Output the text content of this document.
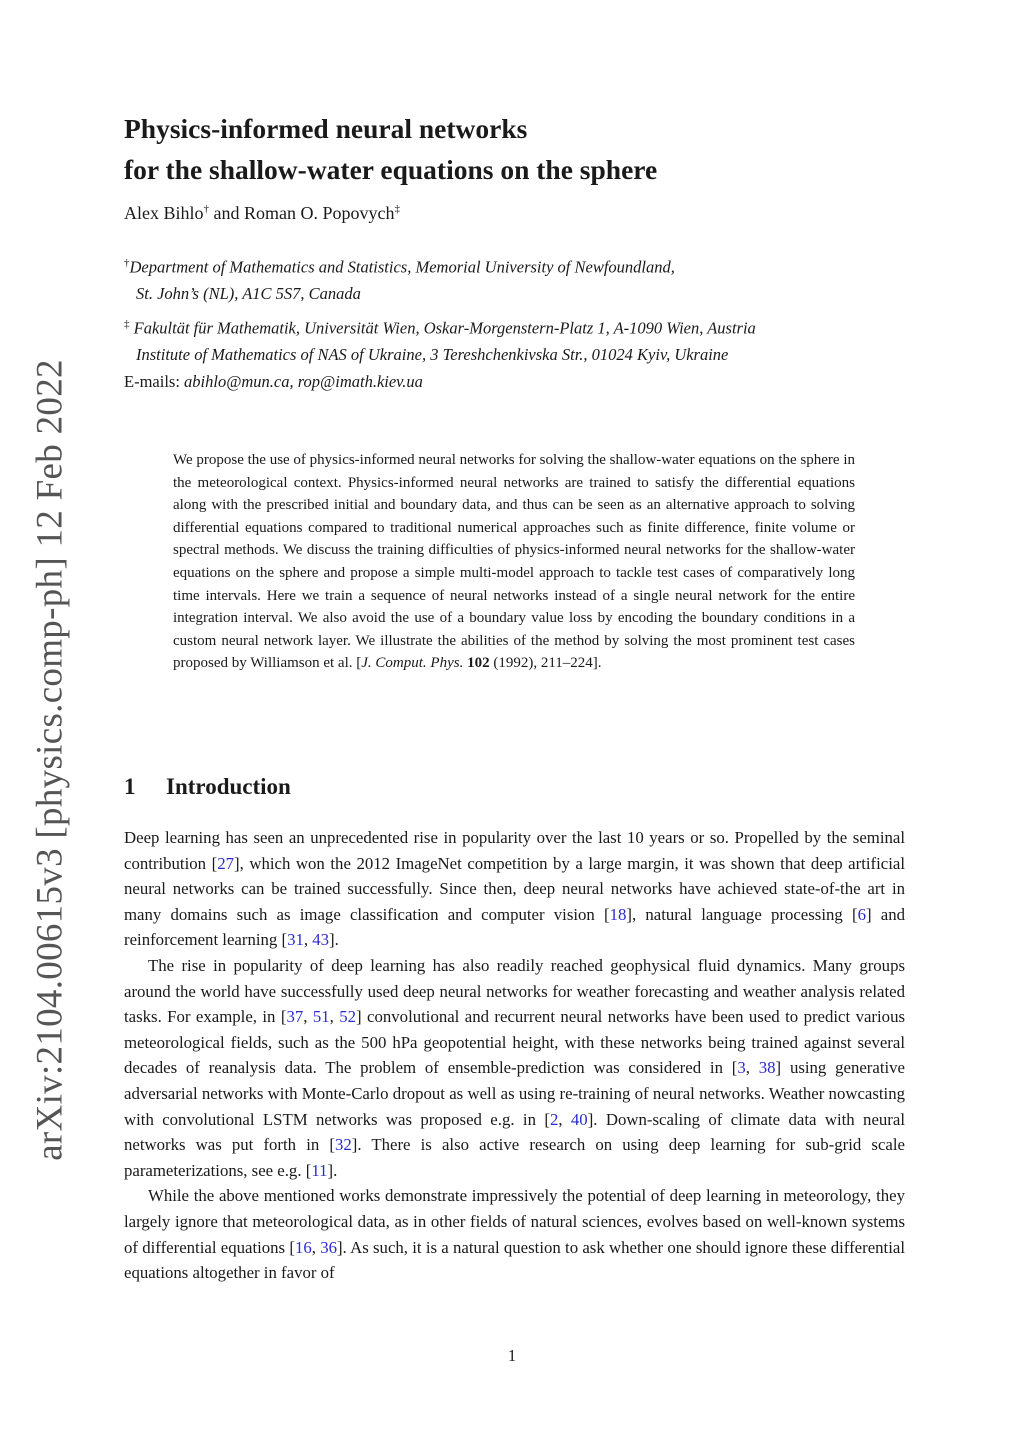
arXiv:2104.00615v3 [physics.comp-ph] 12 Feb 2022
Physics-informed neural networks
for the shallow-water equations on the sphere
Alex Bihlo† and Roman O. Popovych‡
†Department of Mathematics and Statistics, Memorial University of Newfoundland,
St. John’s (NL), A1C 5S7, Canada
‡ Fakultät für Mathematik, Universität Wien, Oskar-Morgenstern-Platz 1, A-1090 Wien, Austria
Institute of Mathematics of NAS of Ukraine, 3 Tereshchenkivska Str., 01024 Kyiv, Ukraine
E-mails: abihlo@mun.ca, rop@imath.kiev.ua

We propose the use of physics-informed neural networks for solving the shallow-water equations on the sphere in the meteorological context. Physics-informed neural networks are trained to satisfy the differential equations along with the prescribed initial and boundary data, and thus can be seen as an alternative approach to solving differential equations compared to traditional numerical approaches such as finite difference, finite volume or spectral methods. We discuss the training difficulties of physics-informed neural networks for the shallow-water equations on the sphere and propose a simple multi-model approach to tackle test cases of comparatively long time intervals. Here we train a sequence of neural networks instead of a single neural network for the entire integration interval. We also avoid the use of a boundary value loss by encoding the boundary conditions in a custom neural network layer. We illustrate the abilities of the method by solving the most prominent test cases proposed by Williamson et al. [J. Comput. Phys. 102 (1992), 211–224].

1 Introduction

Deep learning has seen an unprecedented rise in popularity over the last 10 years or so. Propelled by the seminal contribution [27], which won the 2012 ImageNet competition by a large margin, it was shown that deep artificial neural networks can be trained successfully. Since then, deep neural networks have achieved state-of-the art in many domains such as image classification and computer vision [18], natural language processing [6] and reinforcement learning [31, 43].

The rise in popularity of deep learning has also readily reached geophysical fluid dynamics. Many groups around the world have successfully used deep neural networks for weather forecasting and weather analysis related tasks. For example, in [37, 51, 52] convolutional and recurrent neural networks have been used to predict various meteorological fields, such as the 500 hPa geopotential height, with these networks being trained against several decades of reanalysis data. The problem of ensemble-prediction was considered in [3, 38] using generative adversarial networks with Monte-Carlo dropout as well as using re-training of neural networks. Weather nowcasting with convolutional LSTM networks was proposed e.g. in [2, 40]. Down-scaling of climate data with neural networks was put forth in [32]. There is also active research on using deep learning for sub-grid scale parameterizations, see e.g. [11].

While the above mentioned works demonstrate impressively the potential of deep learning in meteorology, they largely ignore that meteorological data, as in other fields of natural sciences, evolves based on well-known systems of differential equations [16, 36]. As such, it is a natural question to ask whether one should ignore these differential equations altogether in favor of

1
